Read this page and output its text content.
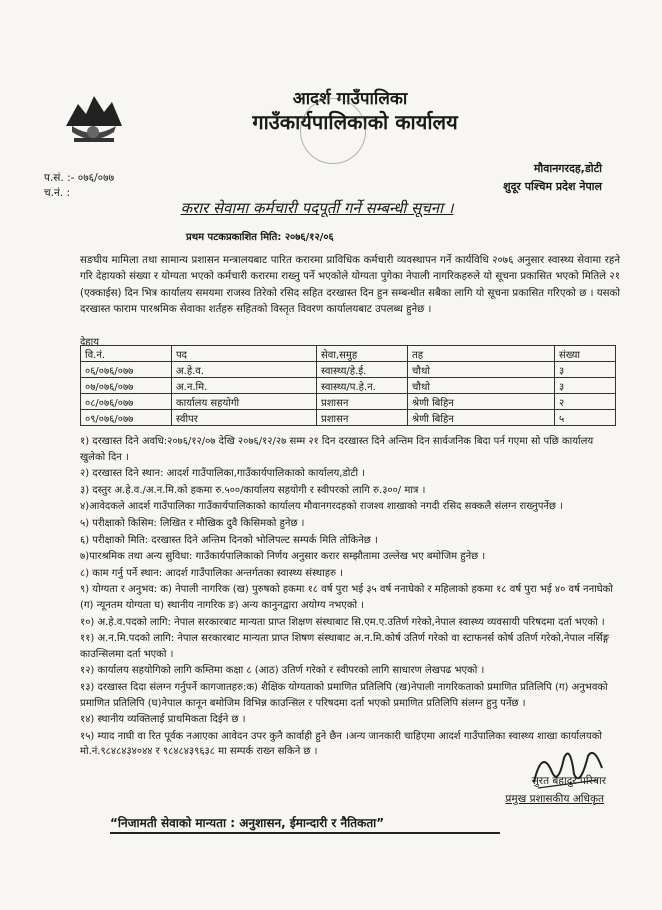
आदर्श गाउँपालिका
गाउँकार्यपालिकाको कार्यालय
मौवानगरदह,डोटी
शुदूर पश्चिम प्रदेश नेपाल
प.सं. :- ०७६/०७७
च.नं. :
करार सेवामा कर्मचारी पदपूर्ती गर्ने सम्बन्धी सूचना ।
प्रथम पटकप्रकाशित मिति: २०७६/१२/०६
सङघीय मामिला तथा सामान्य प्रशासन मन्त्रालयबाट पारित करारमा प्राविधिक कर्मचारी व्यवस्थापन गर्ने कार्यविधि २०७६ अनुसार स्वास्थ्य सेवामा रहने गरि देहायको संख्या र योग्यता भएको कर्मचारी करारमा राख्नु पर्ने भएकोले योग्यता पुगेका नेपाली नागरिकहरुले यो सूचना प्रकासित भएको मितिले २१ (एक्काईस) दिन भित्र कार्यालय समयमा राजस्व तिरेको रसिद सहित दरखास्त दिन हुन सम्बन्धीत सबैका लागि यो सूचना प्रकासित गरिएको छ । यसको दरखास्त फाराम पारश्रमिक सेवाका शर्तहरु सहितको विस्तृत विवरण कार्यालयबाट उपलब्ध हुनेछ ।
देहाय
वि.नं.	पद	सेवा,समुह	तह	संख्या
०६/०७६/०७७	अ.हे.व.	स्वास्थ्य/हे.ई.	चौथो	३
०७/०७६/०७७	अ.न.मि.	स्वास्थ्य/प.हे.न.	चौथो	३
०८/०७६/०७७	कार्यालय सहयोगी	प्रशासन	श्रेणी बिहिन	२
०९/०७६/०७७	स्वीपर	प्रशासन	श्रेणी बिहिन	५
१) दरखास्त दिने अवधि:२०७६/१२/०७ देखि २०७६/१२/२७ सम्म २१ दिन दरखास्त दिने अन्तिम दिन सार्वजनिक बिदा पर्न गएमा सो पछि कार्यालय खुलेको दिन ।
२) दरखास्त दिने स्थान: आदर्श गाउँपालिका,गाउँकार्यपालिकाको कार्यालय,डोटी ।
३) दस्तुर अ.हे.व./अ.न.मि.को हकमा रु.५००/कार्यालय सहयोगी र स्वीपरको लागि रु.३००/ मात्र ।
४)आवेदकले आदर्श गाउँपालिका गाउँकार्यपालिकाको कार्यालय मौवानगरदहको राजश्व शाखाको नगदी रसिद सक्कलै संलग्न राख्नुपर्नेछ ।
५) परीक्षाको किसिम: लिखित र मौखिक दुवै किसिमको हुनेछ ।
६) परीक्षाको मिति: दरखास्त दिने अन्तिम दिनको भोलिपल्ट सम्पर्क मिति तोकिनेछ ।
७)पारश्रमिक तथा अन्य सुविधा: गाउँकार्यपालिकाको निर्णय अनुसार करार सम्झौतामा उल्लेख भए बमोजिम हुनेछ ।
८) काम गर्नु पर्ने स्थान: आदर्श गाउँपालिका अन्तर्गतका स्वास्थ्य संस्थाहरु ।
९) योग्यता र अनुभव: क) नेपाली नागरिक (ख) पुरुषको हकमा १८ वर्ष पुरा भई ३५ वर्ष ननाघेको र महिलाको हकमा १८ वर्ष पुरा भई ४० वर्ष ननाघेको (ग) न्यूनतम योग्यता घ) स्थानीय नागरिक ङ) अन्य कानुनद्वारा अयोग्य नभएको ।
१०) अ.हे.व.पदको लागि: नेपाल सरकारबाट मान्यता प्राप्त शिक्षण संस्थाबाट सि.एम.ए.उतिर्ण गरेको,नेपाल स्वास्थ्य व्यवसायी परिषदमा दर्ता भएको ।
११) अ.न.मि.पदको लागि: नेपाल सरकारबाट मान्यता प्राप्त शिषण संस्थाबाट अ.न.मि.कोर्ष उतिर्ण गरेको वा स्टाफनर्स कोर्ष उतिर्ण गरेको,नेपाल नर्सिङ्ग काउन्सिलमा दर्ता भएको ।
१२) कार्यालय सहयोगिको लागि कम्तिमा कक्षा ८ (आठ) उतिर्ण गरेको र स्वीपरको लागि साधारण लेखपढ भएको ।
१३) दरखास्त दिदा संलग्न गर्नुपर्ने कागजातहरु:क) शैक्षिक योग्यताको प्रमाणित प्रतिलिपि (ख)नेपाली नागरिकताको प्रमाणित प्रतिलिपि (ग) अनुभवको प्रमाणित प्रतिलिपि (घ)नेपाल कानून बमोजिम विभिन्न काउन्सिल र परिषदमा दर्ता भएको प्रमाणित प्रतिलिपि संलग्न हुनु पर्नेछ ।
१४) स्थानीय व्यक्तिलाई प्राथमिकता दिईने छ ।
१५) म्याद नाघी वा रित पूर्वक नआएका आवेदन उपर कुनै कार्वाही हुने छैन ।अन्य जानकारी चाहिएमा आदर्श गाउँपालिका स्वास्थ्य शाखा कार्यालयको मो.नं.९८४८४३४०४४ र ९८४८४३९६३८ मा सम्पर्क राख्न सकिने छ ।
सुरत बहादुर परियार
प्रमुख प्रशासकीय अधिकृत
“निजामती सेवाको मान्यता : अनुशासन, ईमान्दारी र नैतिकता”
